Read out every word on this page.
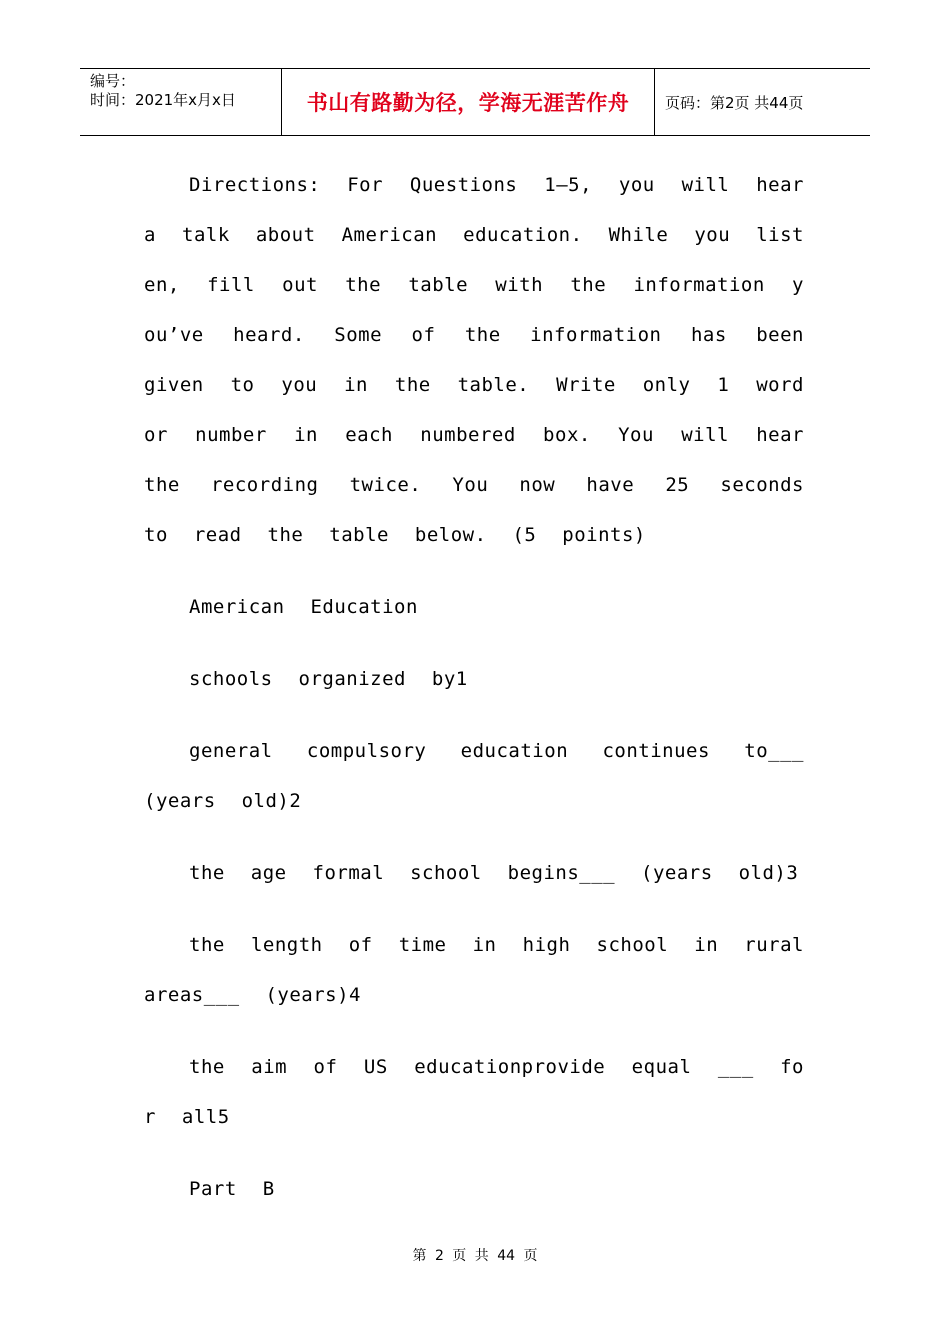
编号：
时间：2021年x月x日	书山有路勤为径，学海无涯苦作舟 页码：第2页 共44页

Directions: For Questions 1—5, you will hear a talk about American education. While you listen, fill out the table with the information you’ve heard. Some of the information has been given to you in the table. Write only 1 word or number in each numbered box. You will hear the recording twice. You now have 25 seconds to read the table below. (5 points)

American Education

schools organized by1

general compulsory education continues to___ (years old)2

the age formal school begins___ (years old)3

the length of time in high school in rural areas___ (years)4

the aim of US educationprovide equal ___ for all5

Part B

第 2 页 共 44 页
